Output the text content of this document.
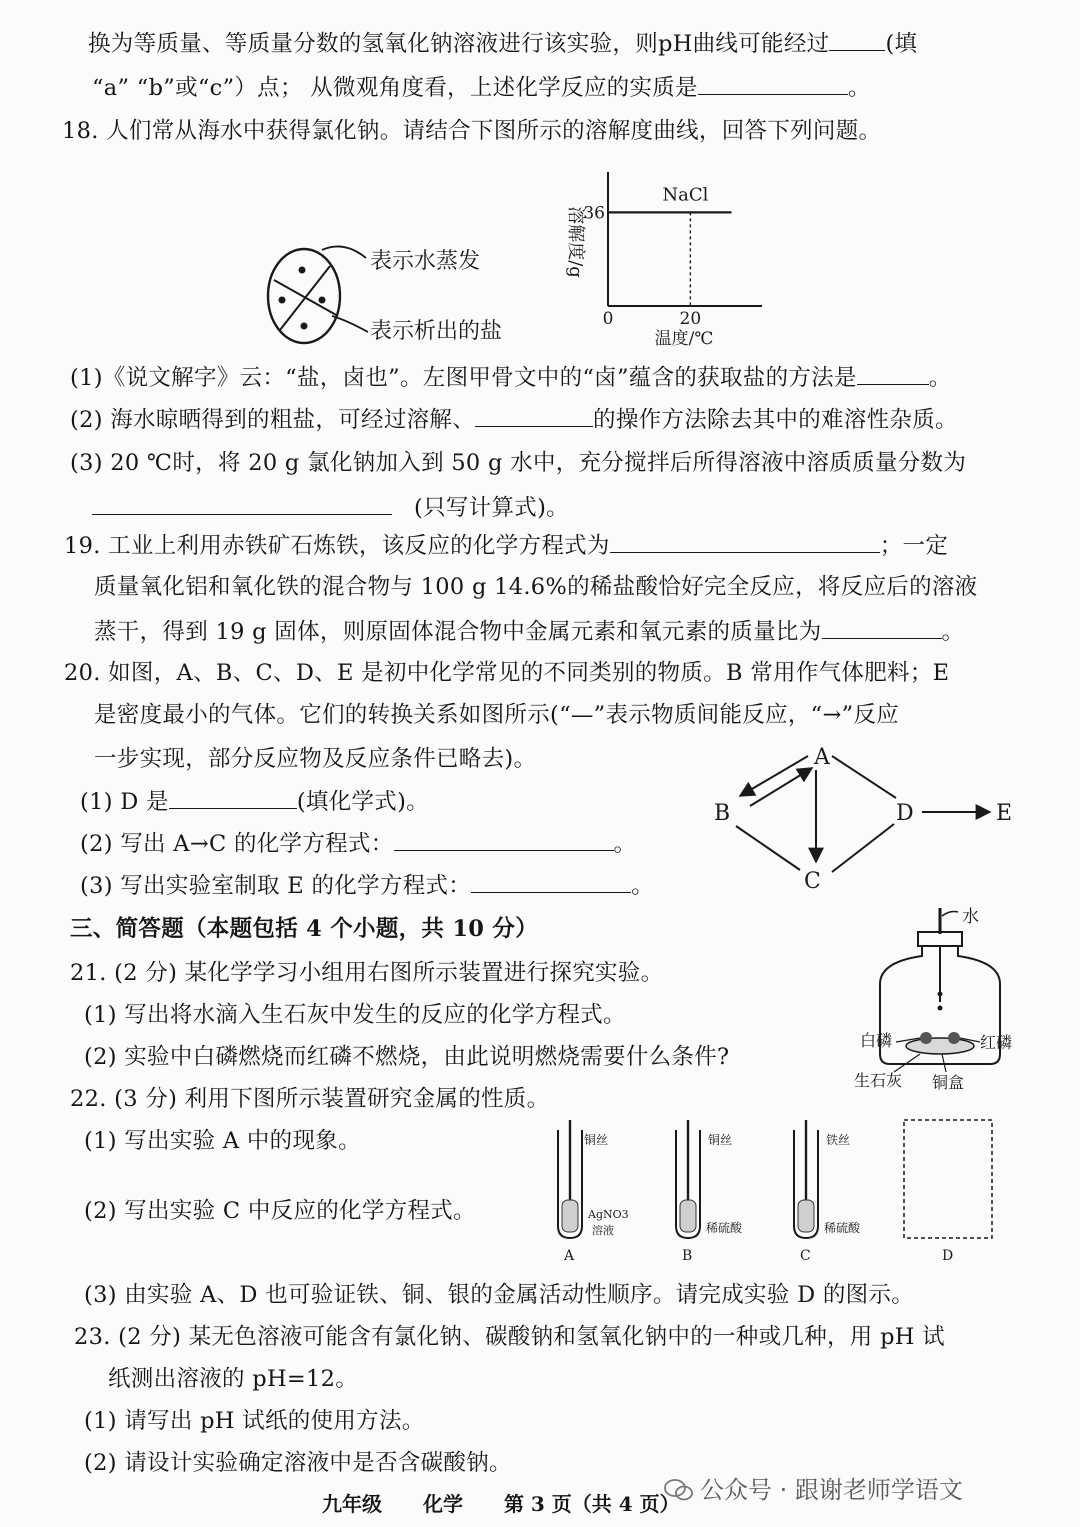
换为等质量、等质量分数的氢氧化钠溶液进行该实验，则pH曲线可能经过 (填
“a” “b”或“c”）点； 从微观角度看，上述化学反应的实质是	。
18. 人们常从海水中获得氯化钠。请结合下图所示的溶解度曲线，回答下列问题。
表示水蒸发
表示析出的盐
溶解度/g
NaCl
36
20
0
温度/℃
(1)《说文解字》云：“盐，卤也”。左图甲骨文中的“卤”蕴含的获取盐的方法是	。
(2) 海水晾晒得到的粗盐，可经过溶解、	的操作方法除去其中的难溶性杂质。
(3) 20 ℃时，将 20 g 氯化钠加入到 50 g 水中，充分搅拌后所得溶液中溶质质量分数为
(只写计算式)。
19. 工业上利用赤铁矿石炼铁，该反应的化学方程式为	；一定
质量氧化铝和氧化铁的混合物与 100 g 14.6%的稀盐酸恰好完全反应，将反应后的溶液
蒸干，得到 19 g 固体，则原固体混合物中金属元素和氧元素的质量比为	。
20. 如图，A、B、C、D、E 是初中化学常见的不同类别的物质。B 常用作气体肥料；E
是密度最小的气体。它们的转换关系如图所示(“—”表示物质间能反应，“→”反应
一步实现，部分反应物及反应条件已略去)。
(1) D 是	(填化学式)。
(2) 写出 A→C 的化学方程式：	。
(3) 写出实验室制取 E 的化学方程式：	。
A
B
C
D	E
三、简答题（本题包括 4 个小题，共 10 分）
21. (2 分) 某化学学习小组用右图所示装置进行探究实验。
(1) 写出将水滴入生石灰中发生的反应的化学方程式。
(2) 实验中白磷燃烧而红磷不燃烧，由此说明燃烧需要什么条件?
水
白磷	红磷
生石灰 铜盒
22. (3 分) 利用下图所示装置研究金属的性质。
(1) 写出实验 A 中的现象。
(2) 写出实验 C 中反应的化学方程式。
铜丝
AgNO3
溶液
A
铜丝
稀硫酸
B
铁丝
稀硫酸
C	D
(3) 由实验 A、D 也可验证铁、铜、银的金属活动性顺序。请完成实验 D 的图示。
23. (2 分) 某无色溶液可能含有氯化钠、碳酸钠和氢氧化钠中的一种或几种，用 pH 试
纸测出溶液的 pH=12。
(1) 请写出 pH 试纸的使用方法。
(2) 请设计实验确定溶液中是否含碳酸钠。
九年级 化学 第 3 页（共 4 页） 公众号 · 跟谢老师学语文
